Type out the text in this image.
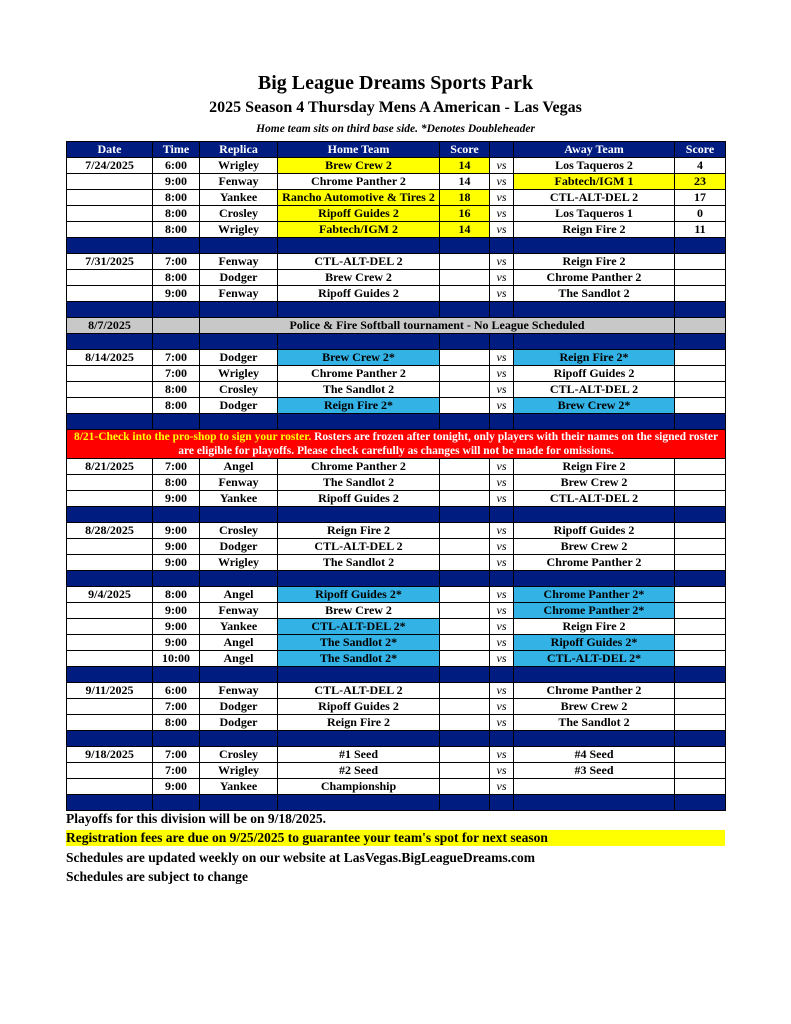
Big League Dreams Sports Park
2025 Season 4 Thursday Mens A American - Las Vegas
Home team sits on third base side. *Denotes Doubleheader
Date	Time	Replica	Home Team	Score		Away Team	Score
7/24/2025	6:00	Wrigley	Brew Crew 2	14	vs	Los Taqueros 2	4
	9:00	Fenway	Chrome Panther 2	14	vs	Fabtech/IGM 1	23
	8:00	Yankee	Rancho Automotive & Tires 2	18	vs	CTL-ALT-DEL 2	17
	8:00	Crosley	Ripoff Guides 2	16	vs	Los Taqueros 1	0
	8:00	Wrigley	Fabtech/IGM 2	14	vs	Reign Fire 2	11

7/31/2025	7:00	Fenway	CTL-ALT-DEL 2		vs	Reign Fire 2	
	8:00	Dodger	Brew Crew 2		vs	Chrome Panther 2	
	9:00	Fenway	Ripoff Guides 2		vs	The Sandlot 2	

8/7/2025		Police & Fire Softball tournament - No League Scheduled					

8/14/2025	7:00	Dodger	Brew Crew 2*		vs	Reign Fire 2*	
	7:00	Wrigley	Chrome Panther 2		vs	Ripoff Guides 2	
	8:00	Crosley	The Sandlot 2		vs	CTL-ALT-DEL 2	
	8:00	Dodger	Reign Fire 2*		vs	Brew Crew 2*	

8/21-Check into the pro-shop to sign your roster. Rosters are frozen after tonight, only players with their names on the signed roster are eligible for playoffs. Please check carefully as changes will not be made for omissions.							
8/21/2025	7:00	Angel	Chrome Panther 2		vs	Reign Fire 2	
	8:00	Fenway	The Sandlot 2		vs	Brew Crew 2	
	9:00	Yankee	Ripoff Guides 2		vs	CTL-ALT-DEL 2	

8/28/2025	9:00	Crosley	Reign Fire 2		vs	Ripoff Guides 2	
	9:00	Dodger	CTL-ALT-DEL 2		vs	Brew Crew 2	
	9:00	Wrigley	The Sandlot 2		vs	Chrome Panther 2	

9/4/2025	8:00	Angel	Ripoff Guides 2*		vs	Chrome Panther 2*	
	9:00	Fenway	Brew Crew 2		vs	Chrome Panther 2*	
	9:00	Yankee	CTL-ALT-DEL 2*		vs	Reign Fire 2	
	9:00	Angel	The Sandlot 2*		vs	Ripoff Guides 2*	
	10:00	Angel	The Sandlot 2*		vs	CTL-ALT-DEL 2*	

9/11/2025	6:00	Fenway	CTL-ALT-DEL 2		vs	Chrome Panther 2	
	7:00	Dodger	Ripoff Guides 2		vs	Brew Crew 2	
	8:00	Dodger	Reign Fire 2		vs	The Sandlot 2	

9/18/2025	7:00	Crosley	#1 Seed		vs	#4 Seed	
	7:00	Wrigley	#2 Seed		vs	#3 Seed	
	9:00	Yankee	Championship		vs		

Playoffs for this division will be on 9/18/2025.
Registration fees are due on 9/25/2025 to guarantee your team's spot for next season
Schedules are updated weekly on our website at LasVegas.BigLeagueDreams.com
Schedules are subject to change
